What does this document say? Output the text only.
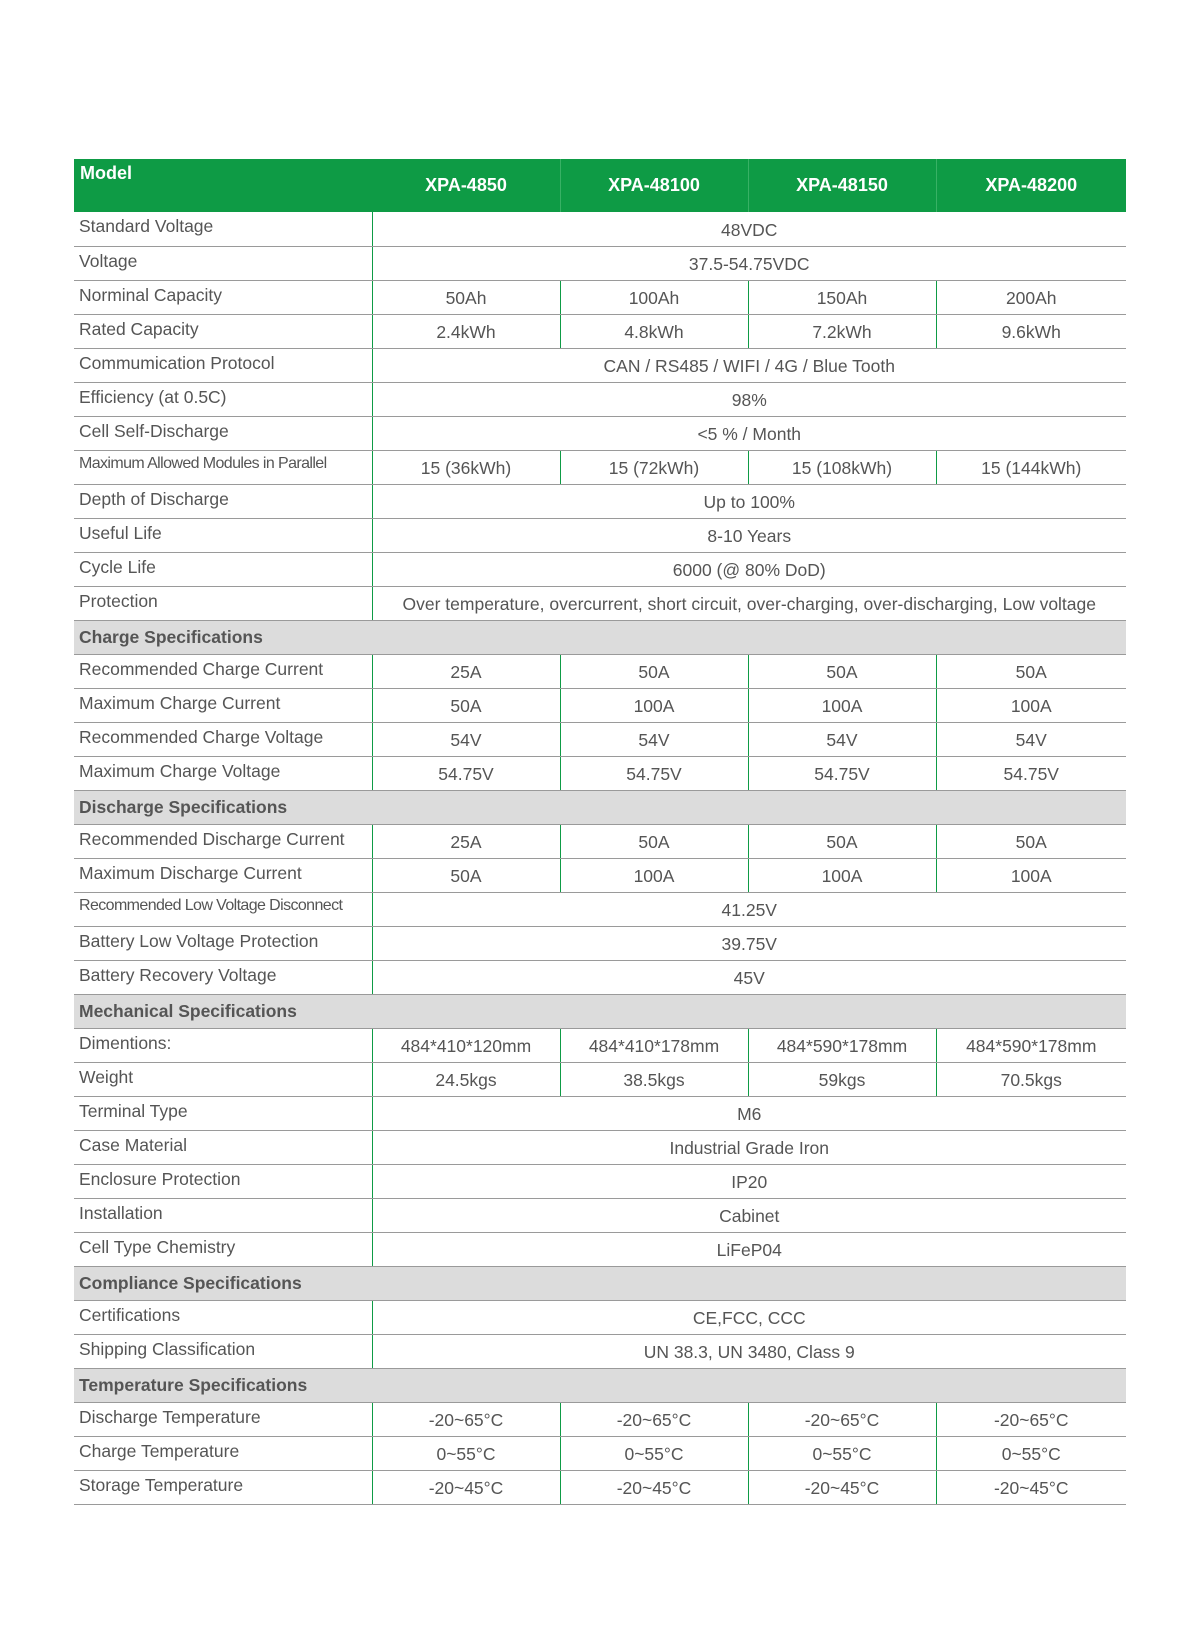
Model	XPA-4850	XPA-48100	XPA-48150	XPA-48200
Standard Voltage	48VDC			
Voltage	37.5-54.75VDC			
Norminal Capacity	50Ah	100Ah	150Ah	200Ah
Rated Capacity	2.4kWh	4.8kWh	7.2kWh	9.6kWh
Commumication Protocol	CAN / RS485 / WIFI / 4G / Blue Tooth			
Efficiency (at 0.5C)	98%			
Cell Self-Discharge	<5 % / Month			
Maximum Allowed Modules in Parallel	15 (36kWh)	15 (72kWh)	15 (108kWh)	15 (144kWh)
Depth of Discharge	Up to 100%			
Useful Life	8-10 Years			
Cycle Life	6000 (@ 80% DoD)			
Protection	Over temperature, overcurrent, short circuit, over-charging, over-discharging, Low voltage			
Charge Specifications				
Recommended Charge Current	25A	50A	50A	50A
Maximum Charge Current	50A	100A	100A	100A
Recommended Charge Voltage	54V	54V	54V	54V
Maximum Charge Voltage	54.75V	54.75V	54.75V	54.75V
Discharge Specifications				
Recommended Discharge Current	25A	50A	50A	50A
Maximum Discharge Current	50A	100A	100A	100A
Recommended Low Voltage Disconnect	41.25V			
Battery Low Voltage Protection	39.75V			
Battery Recovery Voltage	45V			
Mechanical Specifications				
Dimentions:	484*410*120mm	484*410*178mm	484*590*178mm	484*590*178mm
Weight	24.5kgs	38.5kgs	59kgs	70.5kgs
Terminal Type	M6			
Case Material	Industrial Grade Iron			
Enclosure Protection	IP20			
Installation	Cabinet			
Cell Type Chemistry	LiFeP04			
Compliance Specifications				
Certifications	CE,FCC, CCC			
Shipping Classification	UN 38.3, UN 3480, Class 9			
Temperature Specifications				
Discharge Temperature	-20~65°C	-20~65°C	-20~65°C	-20~65°C
Charge Temperature	0~55°C	0~55°C	0~55°C	0~55°C
Storage Temperature	-20~45°C	-20~45°C	-20~45°C	-20~45°C
